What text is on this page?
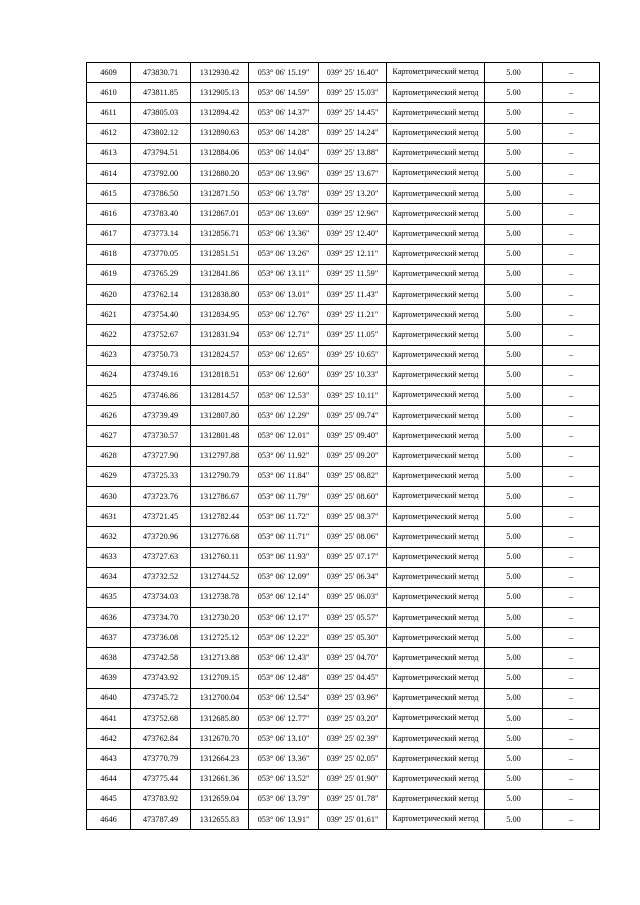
4609	473830.71	1312930.42	053° 06' 15.19"	039° 25' 16.40"	Картометрический метод	5.00	–
4610	473811.85	1312905.13	053° 06' 14.59"	039° 25' 15.03"	Картометрический метод	5.00	–
4611	473805.03	1312894.42	053° 06' 14.37"	039° 25' 14.45"	Картометрический метод	5.00	–
4612	473802.12	1312890.63	053° 06' 14.28"	039° 25' 14.24"	Картометрический метод	5.00	–
4613	473794.51	1312884.06	053° 06' 14.04"	039° 25' 13.88"	Картометрический метод	5.00	–
4614	473792.00	1312880.20	053° 06' 13.96"	039° 25' 13.67"	Картометрический метод	5.00	–
4615	473786.50	1312871.50	053° 06' 13.78"	039° 25' 13.20"	Картометрический метод	5.00	–
4616	473783.40	1312867.01	053° 06' 13.69"	039° 25' 12.96"	Картометрический метод	5.00	–
4617	473773.14	1312856.71	053° 06' 13.36"	039° 25' 12.40"	Картометрический метод	5.00	–
4618	473770.05	1312851.51	053° 06' 13.26"	039° 25' 12.11"	Картометрический метод	5.00	–
4619	473765.29	1312841.86	053° 06' 13.11"	039° 25' 11.59"	Картометрический метод	5.00	–
4620	473762.14	1312838.80	053° 06' 13.01"	039° 25' 11.43"	Картометрический метод	5.00	–
4621	473754.40	1312834.95	053° 06' 12.76"	039° 25' 11.21"	Картометрический метод	5.00	–
4622	473752.67	1312831.94	053° 06' 12.71"	039° 25' 11.05"	Картометрический метод	5.00	–
4623	473750.73	1312824.57	053° 06' 12.65"	039° 25' 10.65"	Картометрический метод	5.00	–
4624	473749.16	1312818.51	053° 06' 12.60"	039° 25' 10.33"	Картометрический метод	5.00	–
4625	473746.86	1312814.57	053° 06' 12.53"	039° 25' 10.11"	Картометрический метод	5.00	–
4626	473739.49	1312807.80	053° 06' 12.29"	039° 25' 09.74"	Картометрический метод	5.00	–
4627	473730.57	1312801.48	053° 06' 12.01"	039° 25' 09.40"	Картометрический метод	5.00	–
4628	473727.90	1312797.88	053° 06' 11.92"	039° 25' 09.20"	Картометрический метод	5.00	–
4629	473725.33	1312790.79	053° 06' 11.84"	039° 25' 08.82"	Картометрический метод	5.00	–
4630	473723.76	1312786.67	053° 06' 11.79"	039° 25' 08.60"	Картометрический метод	5.00	–
4631	473721.45	1312782.44	053° 06' 11.72"	039° 25' 08.37"	Картометрический метод	5.00	–
4632	473720.96	1312776.68	053° 06' 11.71"	039° 25' 08.06"	Картометрический метод	5.00	–
4633	473727.63	1312760.11	053° 06' 11.93"	039° 25' 07.17"	Картометрический метод	5.00	–
4634	473732.52	1312744.52	053° 06' 12.09"	039° 25' 06.34"	Картометрический метод	5.00	–
4635	473734.03	1312738.78	053° 06' 12.14"	039° 25' 06.03"	Картометрический метод	5.00	–
4636	473734.70	1312730.20	053° 06' 12.17"	039° 25' 05.57"	Картометрический метод	5.00	–
4637	473736.08	1312725.12	053° 06' 12.22"	039° 25' 05.30"	Картометрический метод	5.00	–
4638	473742.58	1312713.88	053° 06' 12.43"	039° 25' 04.70"	Картометрический метод	5.00	–
4639	473743.92	1312709.15	053° 06' 12.48"	039° 25' 04.45"	Картометрический метод	5.00	–
4640	473745.72	1312700.04	053° 06' 12.54"	039° 25' 03.96"	Картометрический метод	5.00	–
4641	473752.68	1312685.80	053° 06' 12.77"	039° 25' 03.20"	Картометрический метод	5.00	–
4642	473762.84	1312670.70	053° 06' 13.10"	039° 25' 02.39"	Картометрический метод	5.00	–
4643	473770.79	1312664.23	053° 06' 13.36"	039° 25' 02.05"	Картометрический метод	5.00	–
4644	473775.44	1312661.36	053° 06' 13.52"	039° 25' 01.90"	Картометрический метод	5.00	–
4645	473783.92	1312659.04	053° 06' 13.79"	039° 25' 01.78"	Картометрический метод	5.00	–
4646	473787.49	1312655.83	053° 06' 13.91"	039° 25' 01.61"	Картометрический метод	5.00	–
